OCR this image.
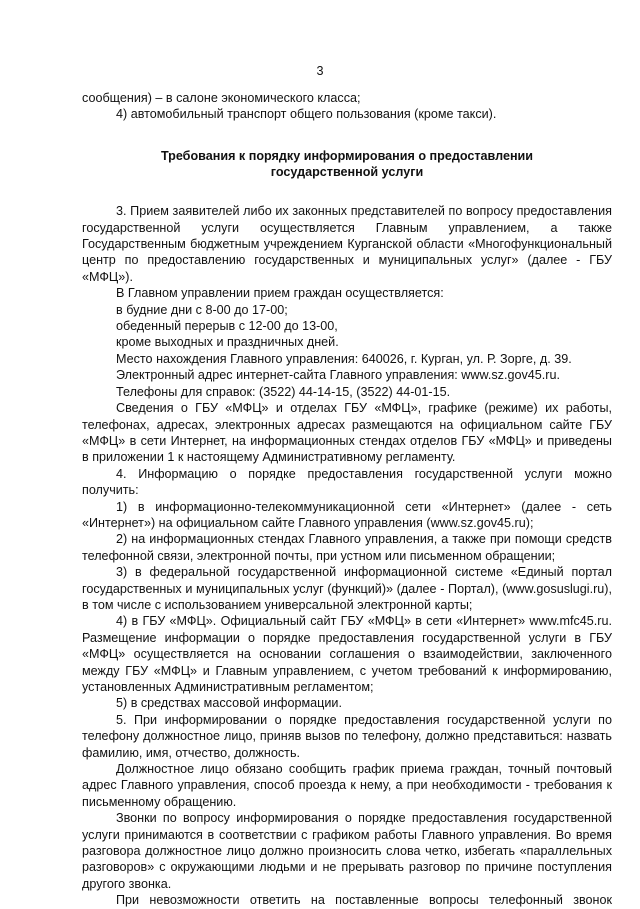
3

сообщения) – в салоне экономического класса;

4) автомобильный транспорт общего пользования (кроме такси).

Требования к порядку информирования о предоставлении
государственной услуги

3. Прием заявителей либо их законных представителей по вопросу предоставления государственной услуги осуществляется Главным управлением, а также Государственным бюджетным учреждением Курганской области «Многофункциональный центр по предоставлению государственных и муниципальных услуг» (далее - ГБУ «МФЦ»).

В Главном управлении прием граждан осуществляется:

в будние дни с 8-00 до 17-00;

обеденный перерыв с 12-00 до 13-00,

кроме выходных и праздничных дней.

Место нахождения Главного управления: 640026, г. Курган, ул. Р. Зорге, д. 39.

Электронный адрес интернет-сайта Главного управления: www.sz.gov45.ru.

Телефоны для справок: (3522) 44-14-15, (3522) 44-01-15.

Сведения о ГБУ «МФЦ» и отделах ГБУ «МФЦ», графике (режиме) их работы, телефонах, адресах, электронных адресах размещаются на официальном сайте ГБУ «МФЦ» в сети Интернет, на информационных стендах отделов ГБУ «МФЦ» и приведены в приложении 1 к настоящему Административному регламенту.

4. Информацию о порядке предоставления государственной услуги можно получить:

1) в информационно-телекоммуникационной сети «Интернет» (далее - сеть «Интернет») на официальном сайте Главного управления (www.sz.gov45.ru);

2) на информационных стендах Главного управления, а также при помощи средств телефонной связи, электронной почты, при устном или письменном обращении;

3) в федеральной государственной информационной системе «Единый портал государственных и муниципальных услуг (функций)» (далее - Портал), (www.gosuslugi.ru), в том числе с использованием универсальной электронной карты;

4) в ГБУ «МФЦ». Официальный сайт ГБУ «МФЦ» в сети «Интернет» www.mfc45.ru. Размещение информации о порядке предоставления государственной услуги в ГБУ «МФЦ» осуществляется на основании соглашения о взаимодействии, заключенного между ГБУ «МФЦ» и Главным управлением, с учетом требований к информированию, установленных Административным регламентом;

5) в средствах массовой информации.

5. При информировании о порядке предоставления государственной услуги по телефону должностное лицо, приняв вызов по телефону, должно представиться: назвать фамилию, имя, отчество, должность.

Должностное лицо обязано сообщить график приема граждан, точный почтовый адрес Главного управления, способ проезда к нему, а при необходимости - требования к письменному обращению.

Звонки по вопросу информирования о порядке предоставления государственной услуги принимаются в соответствии с графиком работы Главного управления. Во время разговора должностное лицо должно произносить слова четко, избегать «параллельных разговоров» с окружающими людьми и не прерывать разговор по причине поступления другого звонка.

При невозможности ответить на поставленные вопросы телефонный звонок
